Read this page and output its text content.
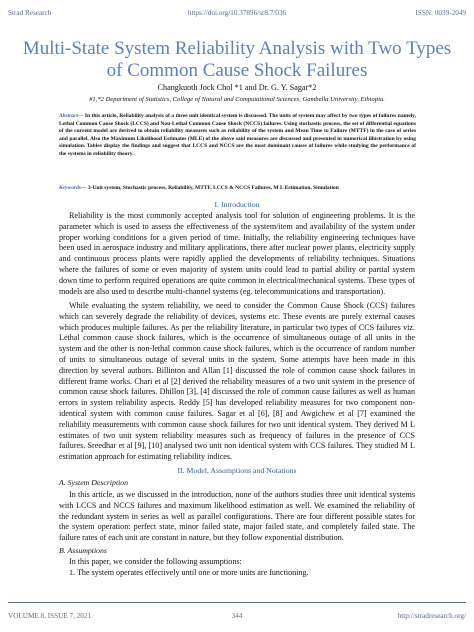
Strad Research	https://doi.org/10.37896/sr8.7/036	ISSN: 0039-2049
Multi-State System Reliability Analysis with Two Types of Common Cause Shock Failures
Changkuoth Jock Chol *1 and Dr. G. Y. Sagar*2
#1,*2 Department of Statistics, College of Natural and Computational Sciences, Gambella University, Ethiopia.
Abstract— In this article, Reliability analysis of a three unit identical system is discussed. The units of system may affect by two types of failures namely, Lethal Common Cause Shock (LCCS) and Non-Lethal Common Cause Shock (NCCS) failures. Using stochastic process, the set of differential equations of the current model are derived to obtain reliability measures such as reliability of the system and Mean Time to Failure (MTTF) in the case of series and parallel. Also the Maximum Likelihood Estimates (MLE) of the above said measures are discussed and presented in numerical illustration by using simulation. Tables display the findings and suggest that LCCS and NCCS are the most dominant causes of failures while studying the performance of the systems in reliability theory.
Keywords— 3-Unit system, Stochastic process, Reliability, MTTF, LCCS & NCCS Failures, M L Estimation, Simulation
I. Introduction

Reliability is the most commonly accepted analysis tool for solution of engineering problems. It is the parameter which is used to assess the effectiveness of the system/item and availability of the system under proper working conditions for a given period of time. Initially, the reliability engineering techniques have been used in aerospace industry and military applications, there after nuclear power plants, electricity supply and continuous process plants were rapidly applied the developments of reliability techniques. Situations where the failures of some or even majority of system units could lead to partial ability or partial system down time to perform required operations are quite common in electrical/mechanical systems. These types of models are also used to describe multi-channel systems (eg. telecommunications and transportation).

While evaluating the system reliability, we need to consider the Common Cause Shock (CCS) failures which can severely degrade the reliability of devices, systems etc. These events are purely external causes which produces multiple failures. As per the reliability literature, in particular two types of CCS failures viz. Lethal common cause shock failures, which is the occurrence of simultaneous outage of all units in the system and the other is non-lethal common cause shock failures, which is the occurrence of random number of units to simultaneous outage of several units in the system. Some attempts have been made in this direction by several authors. Billinton and Allan [1] discussed the role of common cause shock failures in different frame works. Chari et al [2] derived the reliability measures of a two unit system in the presence of common cause shock failures. Dhillon [3], [4] discussed the role of common cause failures as well as human errors in system reliability aspects. Reddy [5] has developed reliability measures for two component non-identical system with common cause failures. Sagar et al [6], [8] and Awgichew et al [7] examined the reliability measurements with common cause shock failures for two unit identical system. They derived M L estimates of two unit system reliability measures such as frequency of failures in the presence of CCS failures. Sreedhar et al [9], [10] analysed two unit non identical system with CCS failures. They studied M L estimation approach for estimating reliability indices.

II. Model, Assumptions and Notations
A. System Description

In this article, as we discussed in the introduction, none of the authors studies three unit identical systems with LCCS and NCCS failures and maximum likelihood estimation as well. We examined the reliability of the redundant system in series as well as parallel configurations. There are four different possible states for the system operation: perfect state, minor failed state, major failed state, and completely failed state. The failure rates of each unit are constant in nature, but they follow exponential distribution.

B. Assumptions

In this paper, we consider the following assumptions:

1. The system operates effectively until one or more units are functioning.

VOLUME 8, ISSUE 7, 2021	344	http://stradresearch.org/
